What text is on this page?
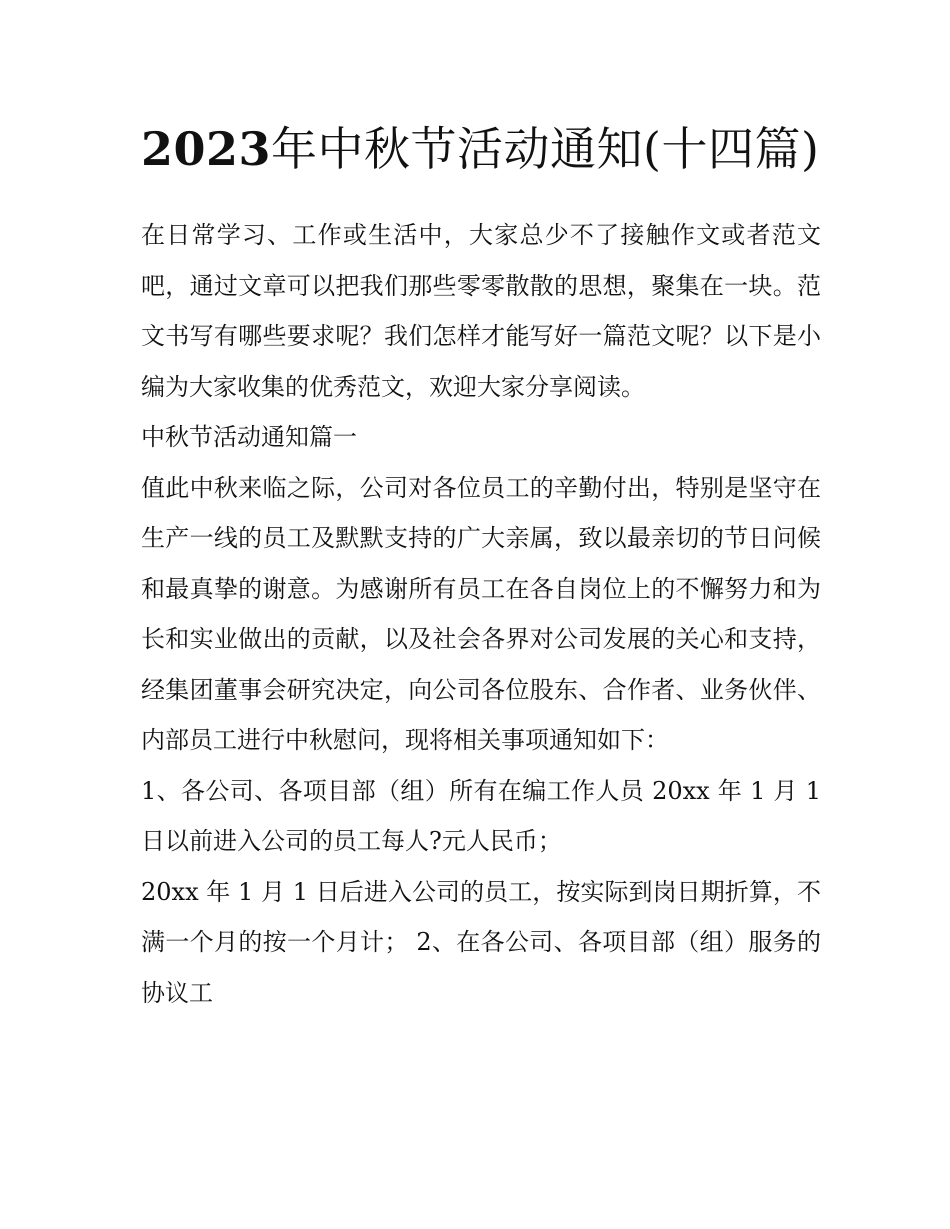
2023年中秋节活动通知(十四篇)

在日常学习、工作或生活中，大家总少不了接触作文或者范文吧，通过文章可以把我们那些零零散散的思想，聚集在一块。范文书写有哪些要求呢？我们怎样才能写好一篇范文呢？以下是小编为大家收集的优秀范文，欢迎大家分享阅读。

中秋节活动通知篇一

值此中秋来临之际，公司对各位员工的辛勤付出，特别是坚守在生产一线的员工及默默支持的广大亲属，致以最亲切的节日问候和最真挚的谢意。为感谢所有员工在各自岗位上的不懈努力和为长和实业做出的贡献，以及社会各界对公司发展的关心和支持，经集团董事会研究决定，向公司各位股东、合作者、业务伙伴、内部员工进行中秋慰问，现将相关事项通知如下：

1、各公司、各项目部（组）所有在编工作人员 20xx 年 1 月 1 日以前进入公司的员工每人?元人民币；

20xx 年 1 月 1 日后进入公司的员工，按实际到岗日期折算，不满一个月的按一个月计； 2、在各公司、各项目部（组）服务的协议工
